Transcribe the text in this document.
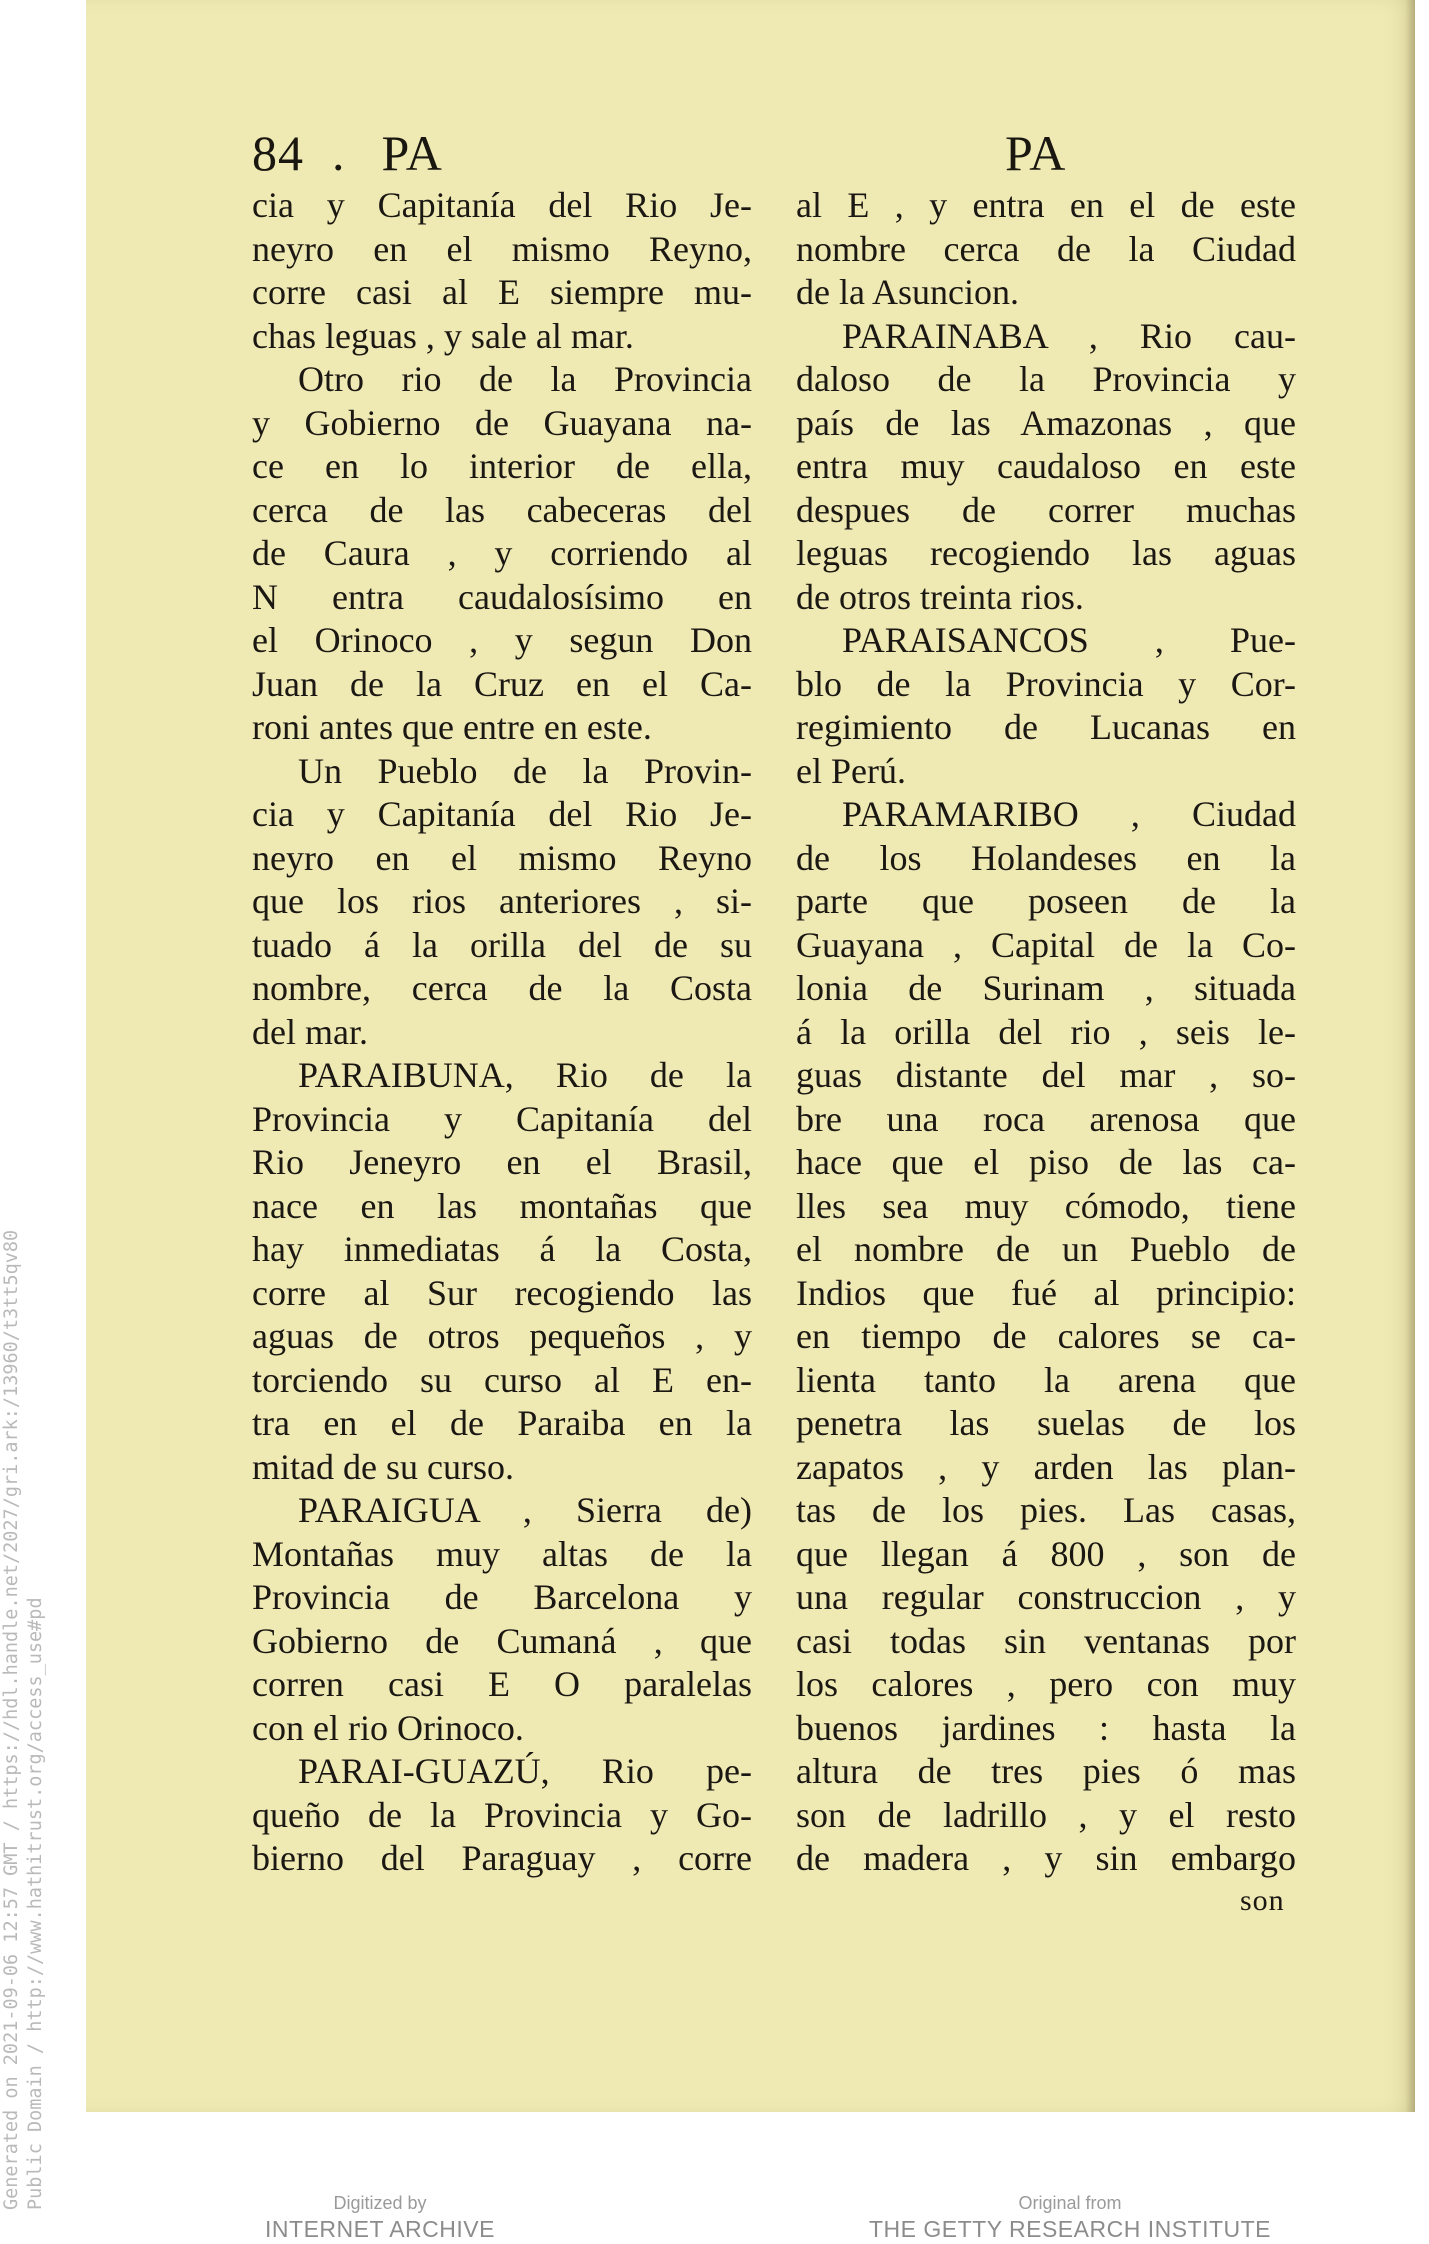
84 . PA	PA
cia y Capitanía del Rio Je-
neyro en el mismo Reyno,
corre casi al E siempre mu-
chas leguas , y sale al mar.
Otro rio de la Provincia
y Gobierno de Guayana na-
ce en lo interior de ella,
cerca de las cabeceras del
de Caura , y corriendo al
N entra caudalosísimo en
el Orinoco , y segun Don
Juan de la Cruz en el Ca-
roni antes que entre en este.
Un Pueblo de la Provin-
cia y Capitanía del Rio Je-
neyro en el mismo Reyno
que los rios anteriores , si-
tuado á la orilla del de su
nombre, cerca de la Costa
del mar.
PARAIBUNA, Rio de la
Provincia y Capitanía del
Rio Jeneyro en el Brasil,
nace en las montañas que
hay inmediatas á la Costa,
corre al Sur recogiendo las
aguas de otros pequeños , y
torciendo su curso al E en-
tra en el de Paraiba en la
mitad de su curso.
PARAIGUA , Sierra de)
Montañas muy altas de la
Provincia de Barcelona y
Gobierno de Cumaná , que
corren casi E O paralelas
con el rio Orinoco.
PARAI-GUAZÚ, Rio pe-
queño de la Provincia y Go-
bierno del Paraguay , corre
al E , y entra en el de este
nombre cerca de la Ciudad
de la Asuncion.
PARAINABA , Rio cau-
daloso de la Provincia y
país de las Amazonas , que
entra muy caudaloso en este
despues de correr muchas
leguas recogiendo las aguas
de otros treinta rios.
PARAISANCOS , Pue-
blo de la Provincia y Cor-
regimiento de Lucanas en
el Perú.
PARAMARIBO , Ciudad
de los Holandeses en la
parte que poseen de la
Guayana , Capital de la Co-
lonia de Surinam , situada
á la orilla del rio , seis le-
guas distante del mar , so-
bre una roca arenosa que
hace que el piso de las ca-
lles sea muy cómodo, tiene
el nombre de un Pueblo de
Indios que fué al principio:
en tiempo de calores se ca-
lienta tanto la arena que
penetra las suelas de los
zapatos , y arden las plan-
tas de los pies. Las casas,
que llegan á 800 , son de
una regular construccion , y
casi todas sin ventanas por
los calores , pero con muy
buenos jardines : hasta la
altura de tres pies ó mas
son de ladrillo , y el resto
de madera , y sin embargo
son
Generated on 2021-09-06 12:57 GMT / https://hdl.handle.net/2027/gri.ark:/13960/t3tt5qv80 Public Domain / http://www.hathitrust.org/access_use#pd	Digitized by
INTERNET ARCHIVE
Original from
THE GETTY RESEARCH INSTITUTE
